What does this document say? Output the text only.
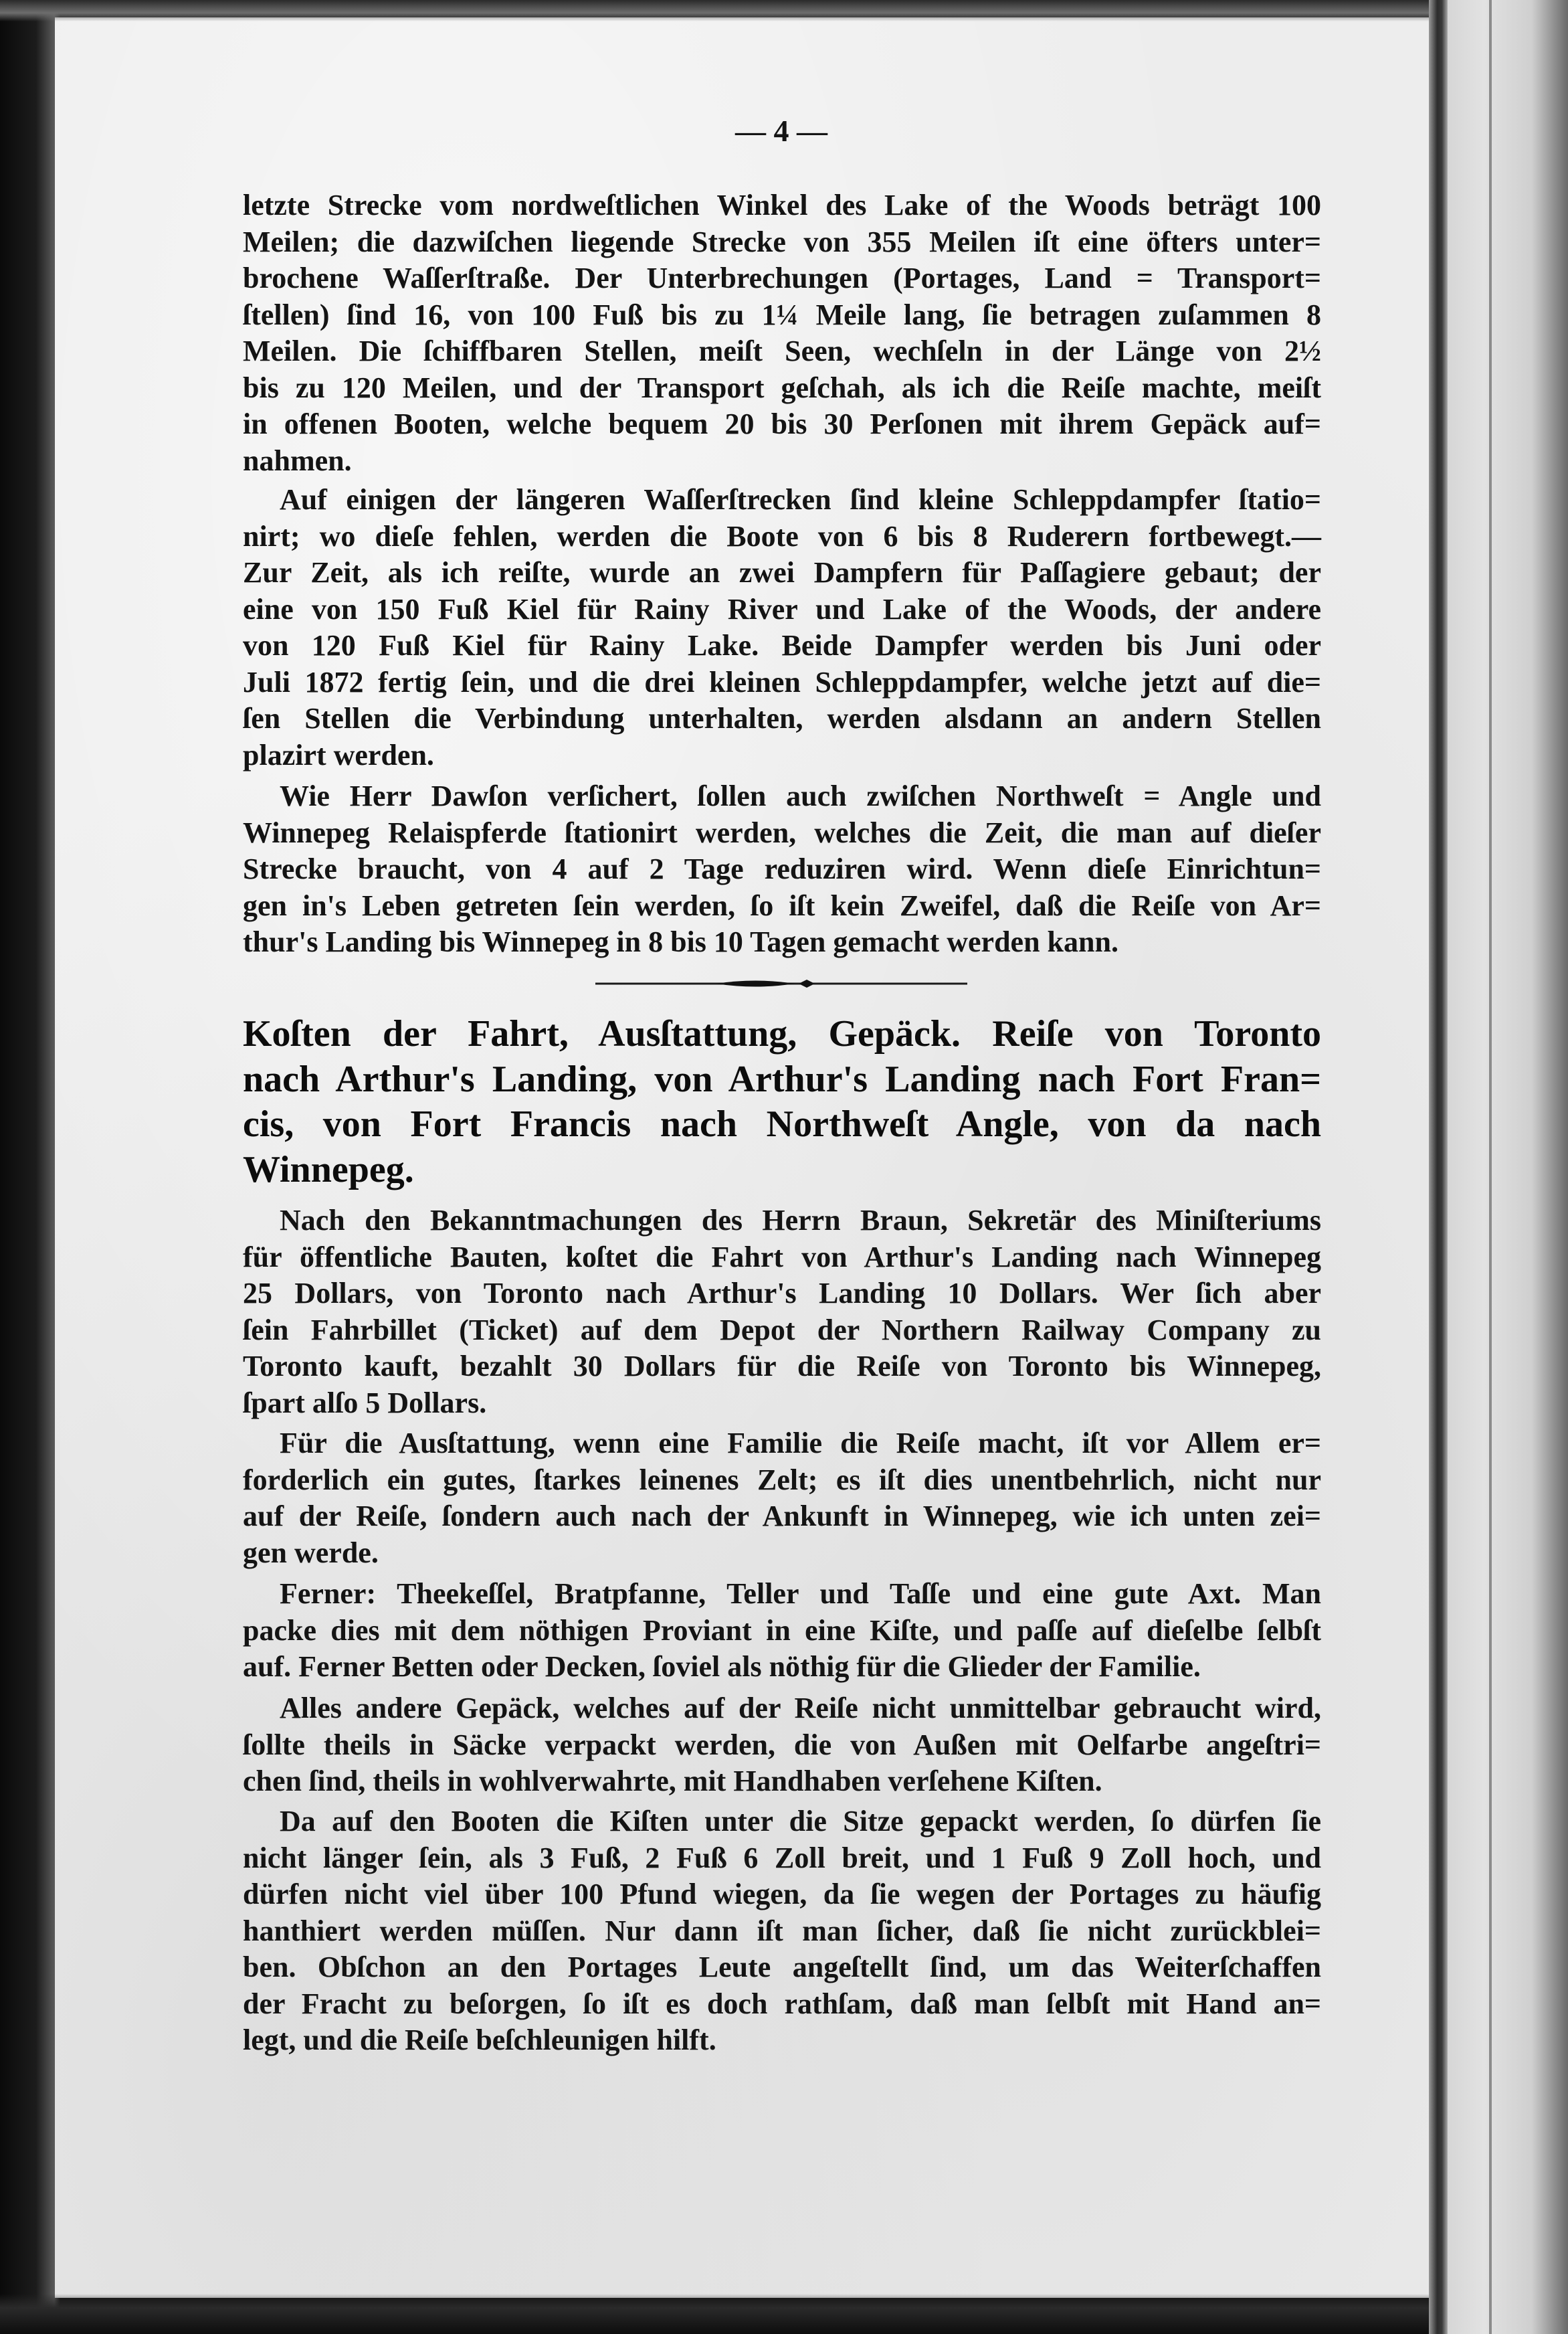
— 4 —
letzte Strecke vom nordweſtlichen Winkel des Lake of the Woods beträgt 100
Meilen; die dazwiſchen liegende Strecke von 355 Meilen iſt eine öfters unter=
brochene Waſſerſtraße. Der Unterbrechungen (Portages, Land = Transport=
ſtellen) ſind 16, von 100 Fuß bis zu 1¼ Meile lang, ſie betragen zuſammen 8
Meilen. Die ſchiffbaren Stellen, meiſt Seen, wechſeln in der Länge von 2½
bis zu 120 Meilen, und der Transport geſchah, als ich die Reiſe machte, meiſt
in offenen Booten, welche bequem 20 bis 30 Perſonen mit ihrem Gepäck auf=
nahmen.
Auf einigen der längeren Waſſerſtrecken ſind kleine Schleppdampfer ſtatio=
nirt; wo dieſe fehlen, werden die Boote von 6 bis 8 Ruderern fortbewegt.—
Zur Zeit, als ich reiſte, wurde an zwei Dampfern für Paſſagiere gebaut; der
eine von 150 Fuß Kiel für Rainy River und Lake of the Woods, der andere
von 120 Fuß Kiel für Rainy Lake. Beide Dampfer werden bis Juni oder
Juli 1872 fertig ſein, und die drei kleinen Schleppdampfer, welche jetzt auf die=
ſen Stellen die Verbindung unterhalten, werden alsdann an andern Stellen
plazirt werden.
Wie Herr Dawſon verſichert, ſollen auch zwiſchen Northweſt = Angle und
Winnepeg Relaispferde ſtationirt werden, welches die Zeit, die man auf dieſer
Strecke braucht, von 4 auf 2 Tage reduziren wird. Wenn dieſe Einrichtun=
gen in's Leben getreten ſein werden, ſo iſt kein Zweifel, daß die Reiſe von Ar=
thur's Landing bis Winnepeg in 8 bis 10 Tagen gemacht werden kann.
Koſten der Fahrt, Ausſtattung, Gepäck. Reiſe von Toronto
nach Arthur's Landing, von Arthur's Landing nach Fort Fran=
cis, von Fort Francis nach Northweſt Angle, von da nach
Winnepeg.
Nach den Bekanntmachungen des Herrn Braun, Sekretär des Miniſteriums
für öffentliche Bauten, koſtet die Fahrt von Arthur's Landing nach Winnepeg
25 Dollars, von Toronto nach Arthur's Landing 10 Dollars. Wer ſich aber
ſein Fahrbillet (Ticket) auf dem Depot der Northern Railway Company zu
Toronto kauft, bezahlt 30 Dollars für die Reiſe von Toronto bis Winnepeg,
ſpart alſo 5 Dollars.
Für die Ausſtattung, wenn eine Familie die Reiſe macht, iſt vor Allem er=
forderlich ein gutes, ſtarkes leinenes Zelt; es iſt dies unentbehrlich, nicht nur
auf der Reiſe, ſondern auch nach der Ankunft in Winnepeg, wie ich unten zei=
gen werde.
Ferner: Theekeſſel, Bratpfanne, Teller und Taſſe und eine gute Axt. Man
packe dies mit dem nöthigen Proviant in eine Kiſte, und paſſe auf dieſelbe ſelbſt
auf. Ferner Betten oder Decken, ſoviel als nöthig für die Glieder der Familie.
Alles andere Gepäck, welches auf der Reiſe nicht unmittelbar gebraucht wird,
ſollte theils in Säcke verpackt werden, die von Außen mit Oelfarbe angeſtri=
chen ſind, theils in wohlverwahrte, mit Handhaben verſehene Kiſten.
Da auf den Booten die Kiſten unter die Sitze gepackt werden, ſo dürfen ſie
nicht länger ſein, als 3 Fuß, 2 Fuß 6 Zoll breit, und 1 Fuß 9 Zoll hoch, und
dürfen nicht viel über 100 Pfund wiegen, da ſie wegen der Portages zu häufig
hanthiert werden müſſen. Nur dann iſt man ſicher, daß ſie nicht zurückblei=
ben. Obſchon an den Portages Leute angeſtellt ſind, um das Weiterſchaffen
der Fracht zu beſorgen, ſo iſt es doch rathſam, daß man ſelbſt mit Hand an=
legt, und die Reiſe beſchleunigen hilft.
